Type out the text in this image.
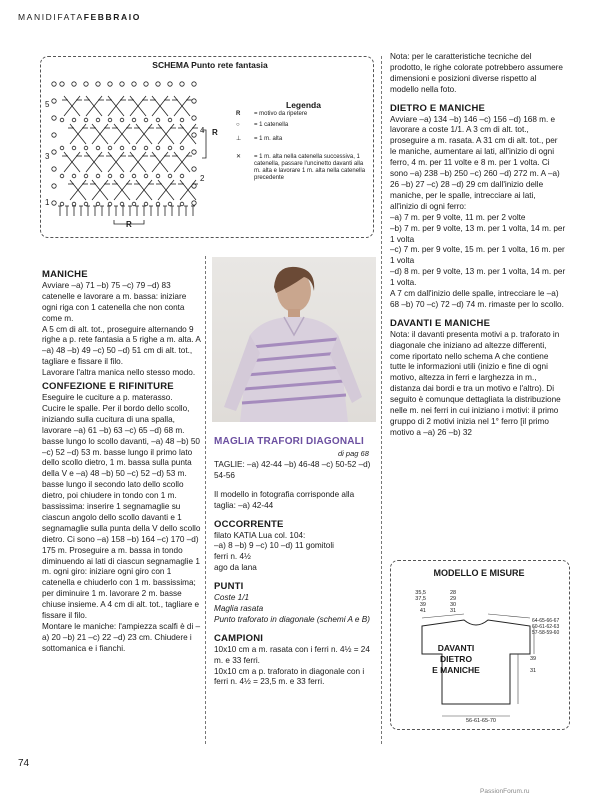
MANIDIFATAFEBBRAIO
SCHEMA Punto rete fantasia
5
4
3
2
1
R
R
Legenda
R = motivo da ripetere
○ = 1 catenella
⊥ = 1 m. alta
✕	= 1 m. alta nella catenella successiva, 1 catenella, passare l'uncinetto davanti alla m. alta e lavorare 1 m. alta nella catenella precedente

MANICHE

Avviare –a) 71 –b) 75 –c) 79 –d) 83 catenelle e lavorare a m. bassa: iniziare ogni riga con 1 catenella che non conta come m.

A 5 cm di alt. tot., proseguire alternando 9 righe a p. rete fantasia a 5 righe a m. alta. A –a) 48 –b) 49 –c) 50 –d) 51 cm di alt. tot., tagliare e fissare il filo.

Lavorare l'altra manica nello stesso modo.

CONFEZIONE E RIFINITURE

Eseguire le cuciture a p. materasso.

Cucire le spalle. Per il bordo dello scollo, iniziando sulla cucitura di una spalla, lavorare –a) 61 –b) 63 –c) 65 –d) 68 m. basse lungo lo scollo davanti, –a) 48 –b) 50 –c) 52 –d) 53 m. basse lungo il primo lato dello scollo dietro, 1 m. bassa sulla punta della V e –a) 48 –b) 50 –c) 52 –d) 53 m. basse lungo il secondo lato dello scollo dietro, poi chiudere in tondo con 1 m. bassissima: inserire 1 segnamaglie su ciascun angolo dello scollo davanti e 1 segnamaglie sulla punta della V dello scollo dietro. Ci sono –a) 158 –b) 164 –c) 170 –d) 175 m. Proseguire a m. bassa in tondo diminuendo ai lati di ciascun segnamaglie 1 m. ogni giro: iniziare ogni giro con 1 catenella e chiuderlo con 1 m. bassissima; per diminuire 1 m. lavorare 2 m. basse chiuse insieme. A 4 cm di alt. tot., tagliare e fissare il filo.

Montare le maniche: l'ampiezza scalfi è di –a) 20 –b) 21 –c) 22 –d) 23 cm. Chiudere i sottomanica e i fianchi.

MAGLIA TRAFORI DIAGONALI
di pag 68

TAGLIE: –a) 42-44 –b) 46-48 –c) 50-52 –d) 54-56

Il modello in fotografia corrisponde alla taglia: –a) 42-44

OCCORRENTE

filato KATIA Lua col. 104:

–a) 8 –b) 9 –c) 10 –d) 11 gomitoli

ferri n. 4½

ago da lana

PUNTI

Coste 1/1

Maglia rasata

Punto traforato in diagonale (schemi A e B)

CAMPIONI

10x10 cm a m. rasata con i ferri n. 4½ = 24 m. e 33 ferri.

10x10 cm a p. traforato in diagonale con i ferri n. 4½ = 23,5 m. e 33 ferri.

Nota: per le caratteristiche tecniche del prodotto, le righe colorate potrebbero assumere dimensioni e posizioni diverse rispetto al modello nella foto.

DIETRO E MANICHE

Avviare –a) 134 –b) 146 –c) 156 –d) 168 m. e lavorare a coste 1/1. A 3 cm di alt. tot., proseguire a m. rasata. A 31 cm di alt. tot., per le maniche, aumentare ai lati, all'inizio di ogni ferro, 4 m. per 11 volte e 8 m. per 1 volta. Ci sono –a) 238 –b) 250 –c) 260 –d) 272 m. A –a) 26 –b) 27 –c) 28 –d) 29 cm dall'inizio delle maniche, per le spalle, intrecciare ai lati, all'inizio di ogni ferro:

–a) 7 m. per 9 volte, 11 m. per 2 volte

–b) 7 m. per 9 volte, 13 m. per 1 volta, 14 m. per 1 volta

–c) 7 m. per 9 volte, 15 m. per 1 volta, 16 m. per 1 volta

–d) 8 m. per 9 volte, 13 m. per 1 volta, 14 m. per 1 volta.

A 7 cm dall'inizio delle spalle, intrecciare le –a) 68 –b) 70 –c) 72 –d) 74 m. rimaste per lo scollo.

DAVANTI E MANICHE

Nota: il davanti presenta motivi a p. traforato in diagonale che iniziano ad altezze differenti, come riportato nello schema A che contiene tutte le informazioni utili (inizio e fine di ogni motivo, altezza in ferri e larghezza in m., distanza dai bordi e tra un motivo e l'altro). Di seguito è comunque dettagliata la distribuzione nelle m. nei ferri in cui iniziano i motivi: il primo gruppo di 2 motivi inizia nel 1° ferro [il primo motivo a –a) 26 –b) 32

MODELLO E MISURE
35,5
37,5
39
41
28
29
30
31
64-65-66-67
60-61-62-63
57-58-59-60
39
31
56-61-65-70
DAVANTI
DIETRO
E MANICHE
74
PassionForum.ru
